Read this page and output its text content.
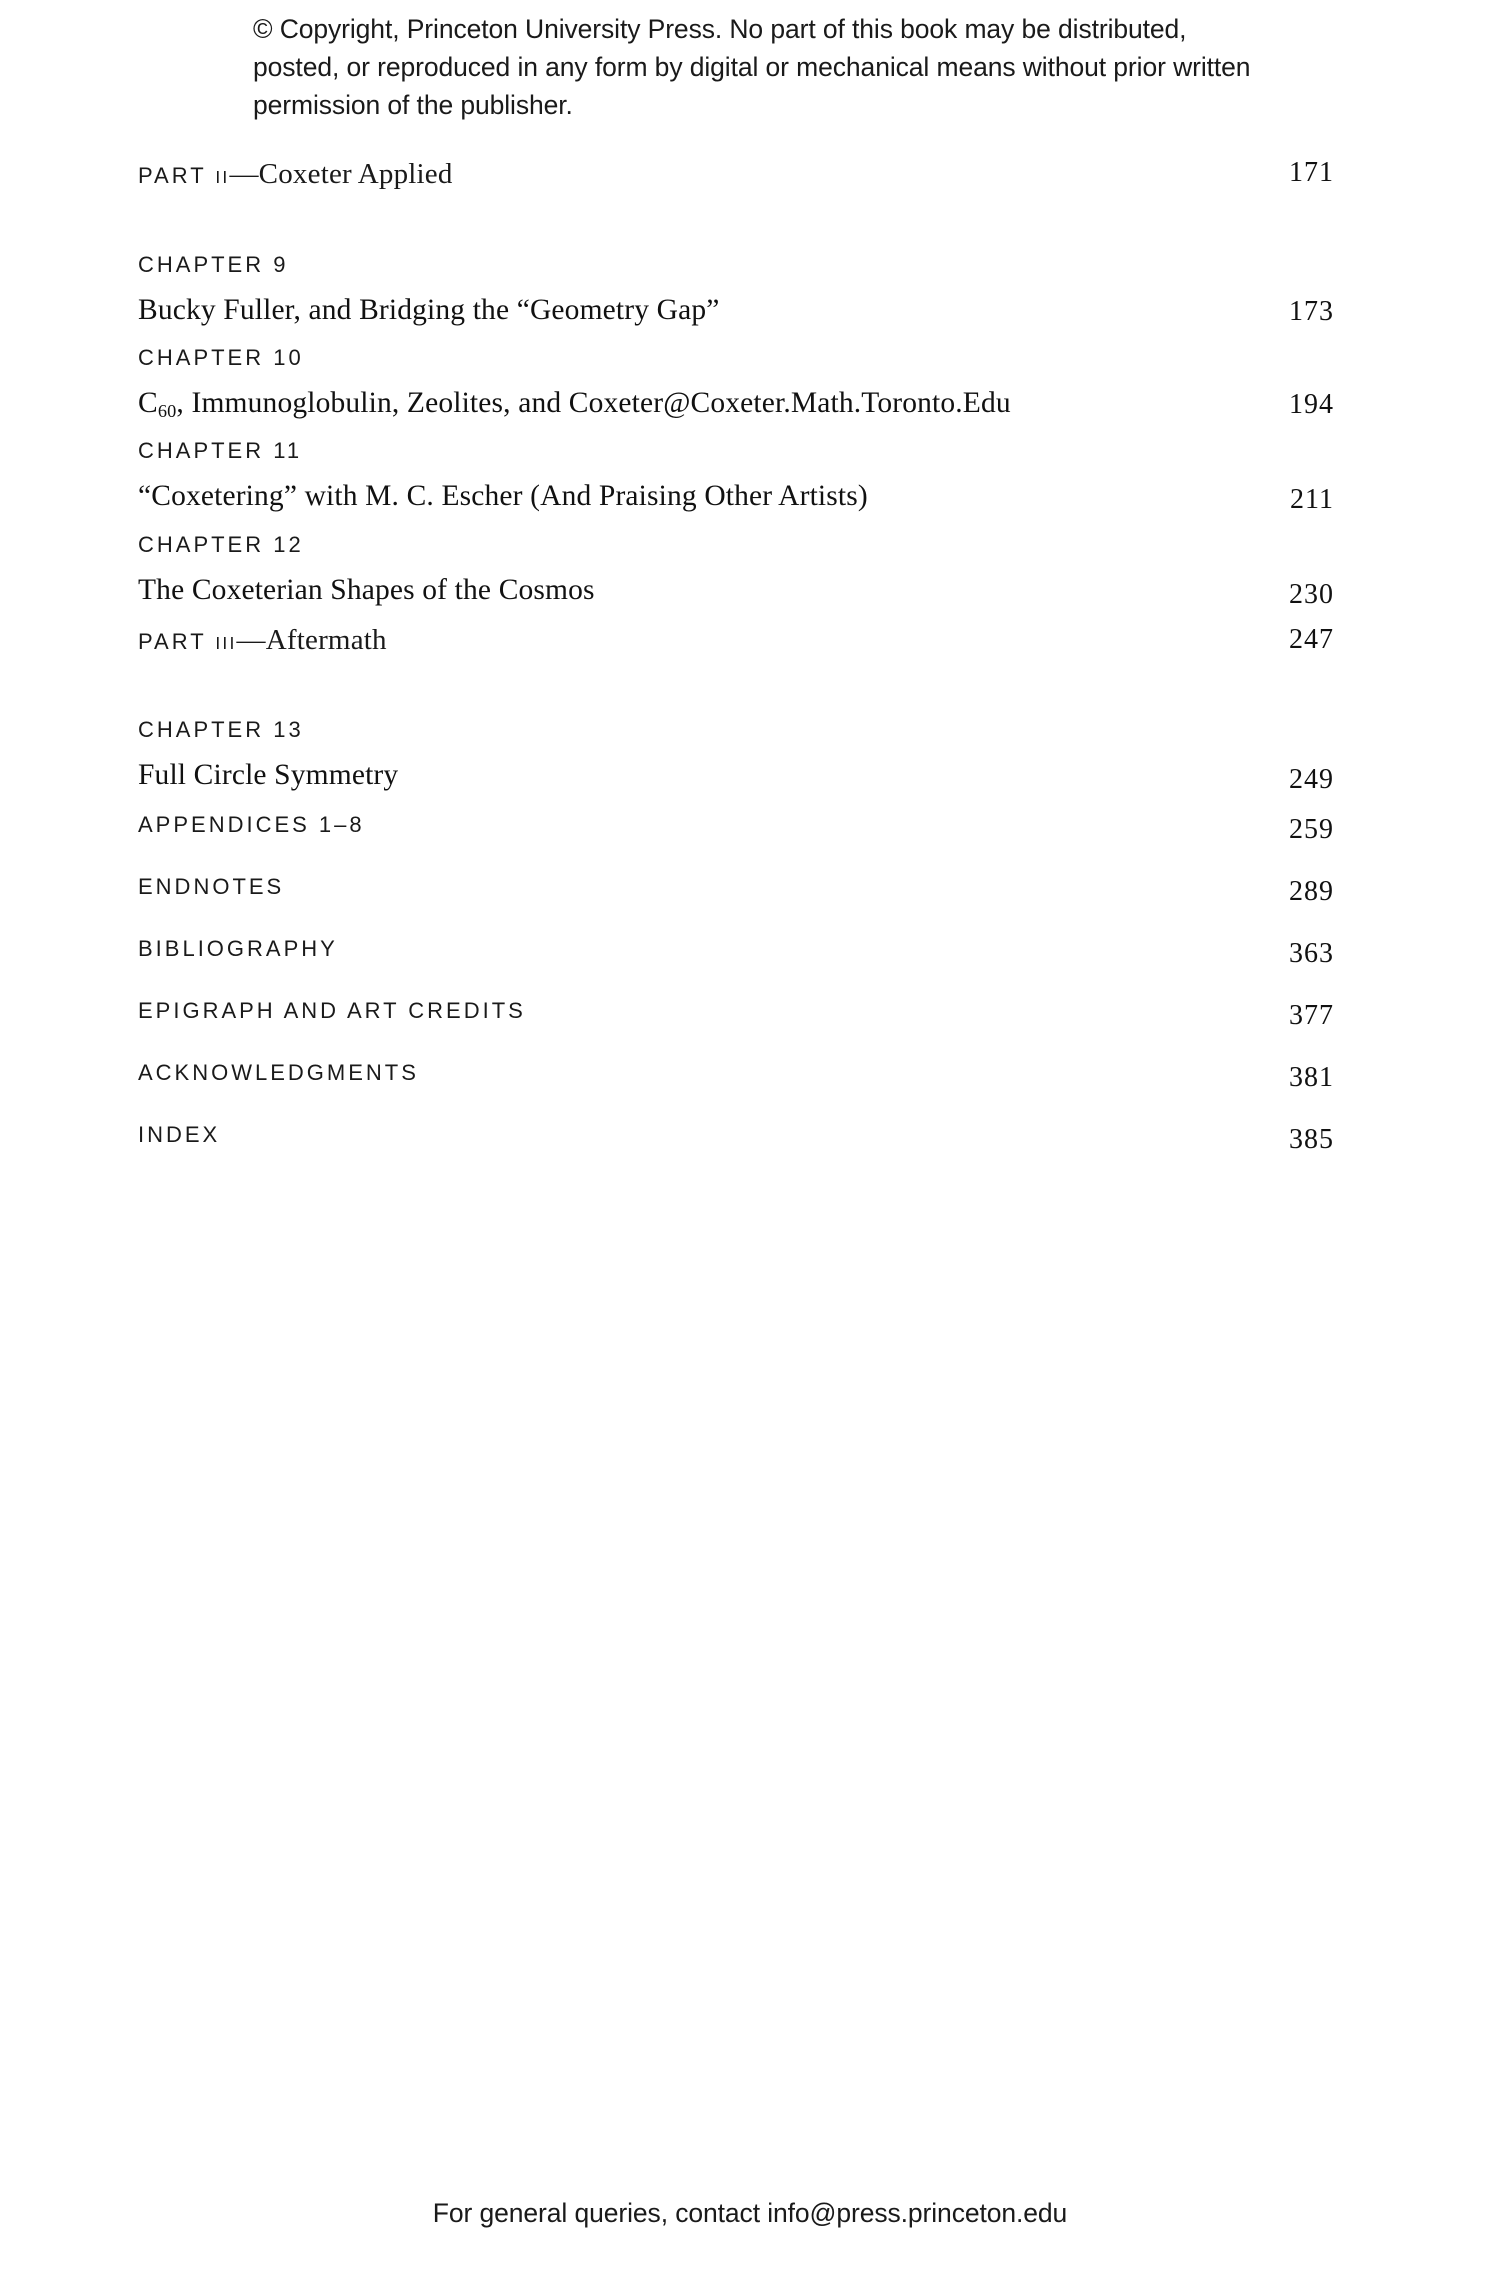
© Copyright, Princeton University Press. No part of this book may be distributed, posted, or reproduced in any form by digital or mechanical means without prior written permission of the publisher.
PART II—Coxeter Applied	171
CHAPTER 9
Bucky Fuller, and Bridging the “Geometry Gap”	173
CHAPTER 10
$C_{60}$, Immunoglobulin, Zeolites, and Coxeter@Coxeter.Math.Toronto.Edu	194
CHAPTER 11
“Coxetering” with M. C. Escher (And Praising Other Artists)	211
CHAPTER 12
The Coxeterian Shapes of the Cosmos	230
PART III—Aftermath	247
CHAPTER 13
Full Circle Symmetry	249
APPENDICES 1–8	259
ENDNOTES	289
BIBLIOGRAPHY	363
EPIGRAPH AND ART CREDITS	377
ACKNOWLEDGMENTS	381
INDEX	385
For general queries, contact info@press.princeton.edu
